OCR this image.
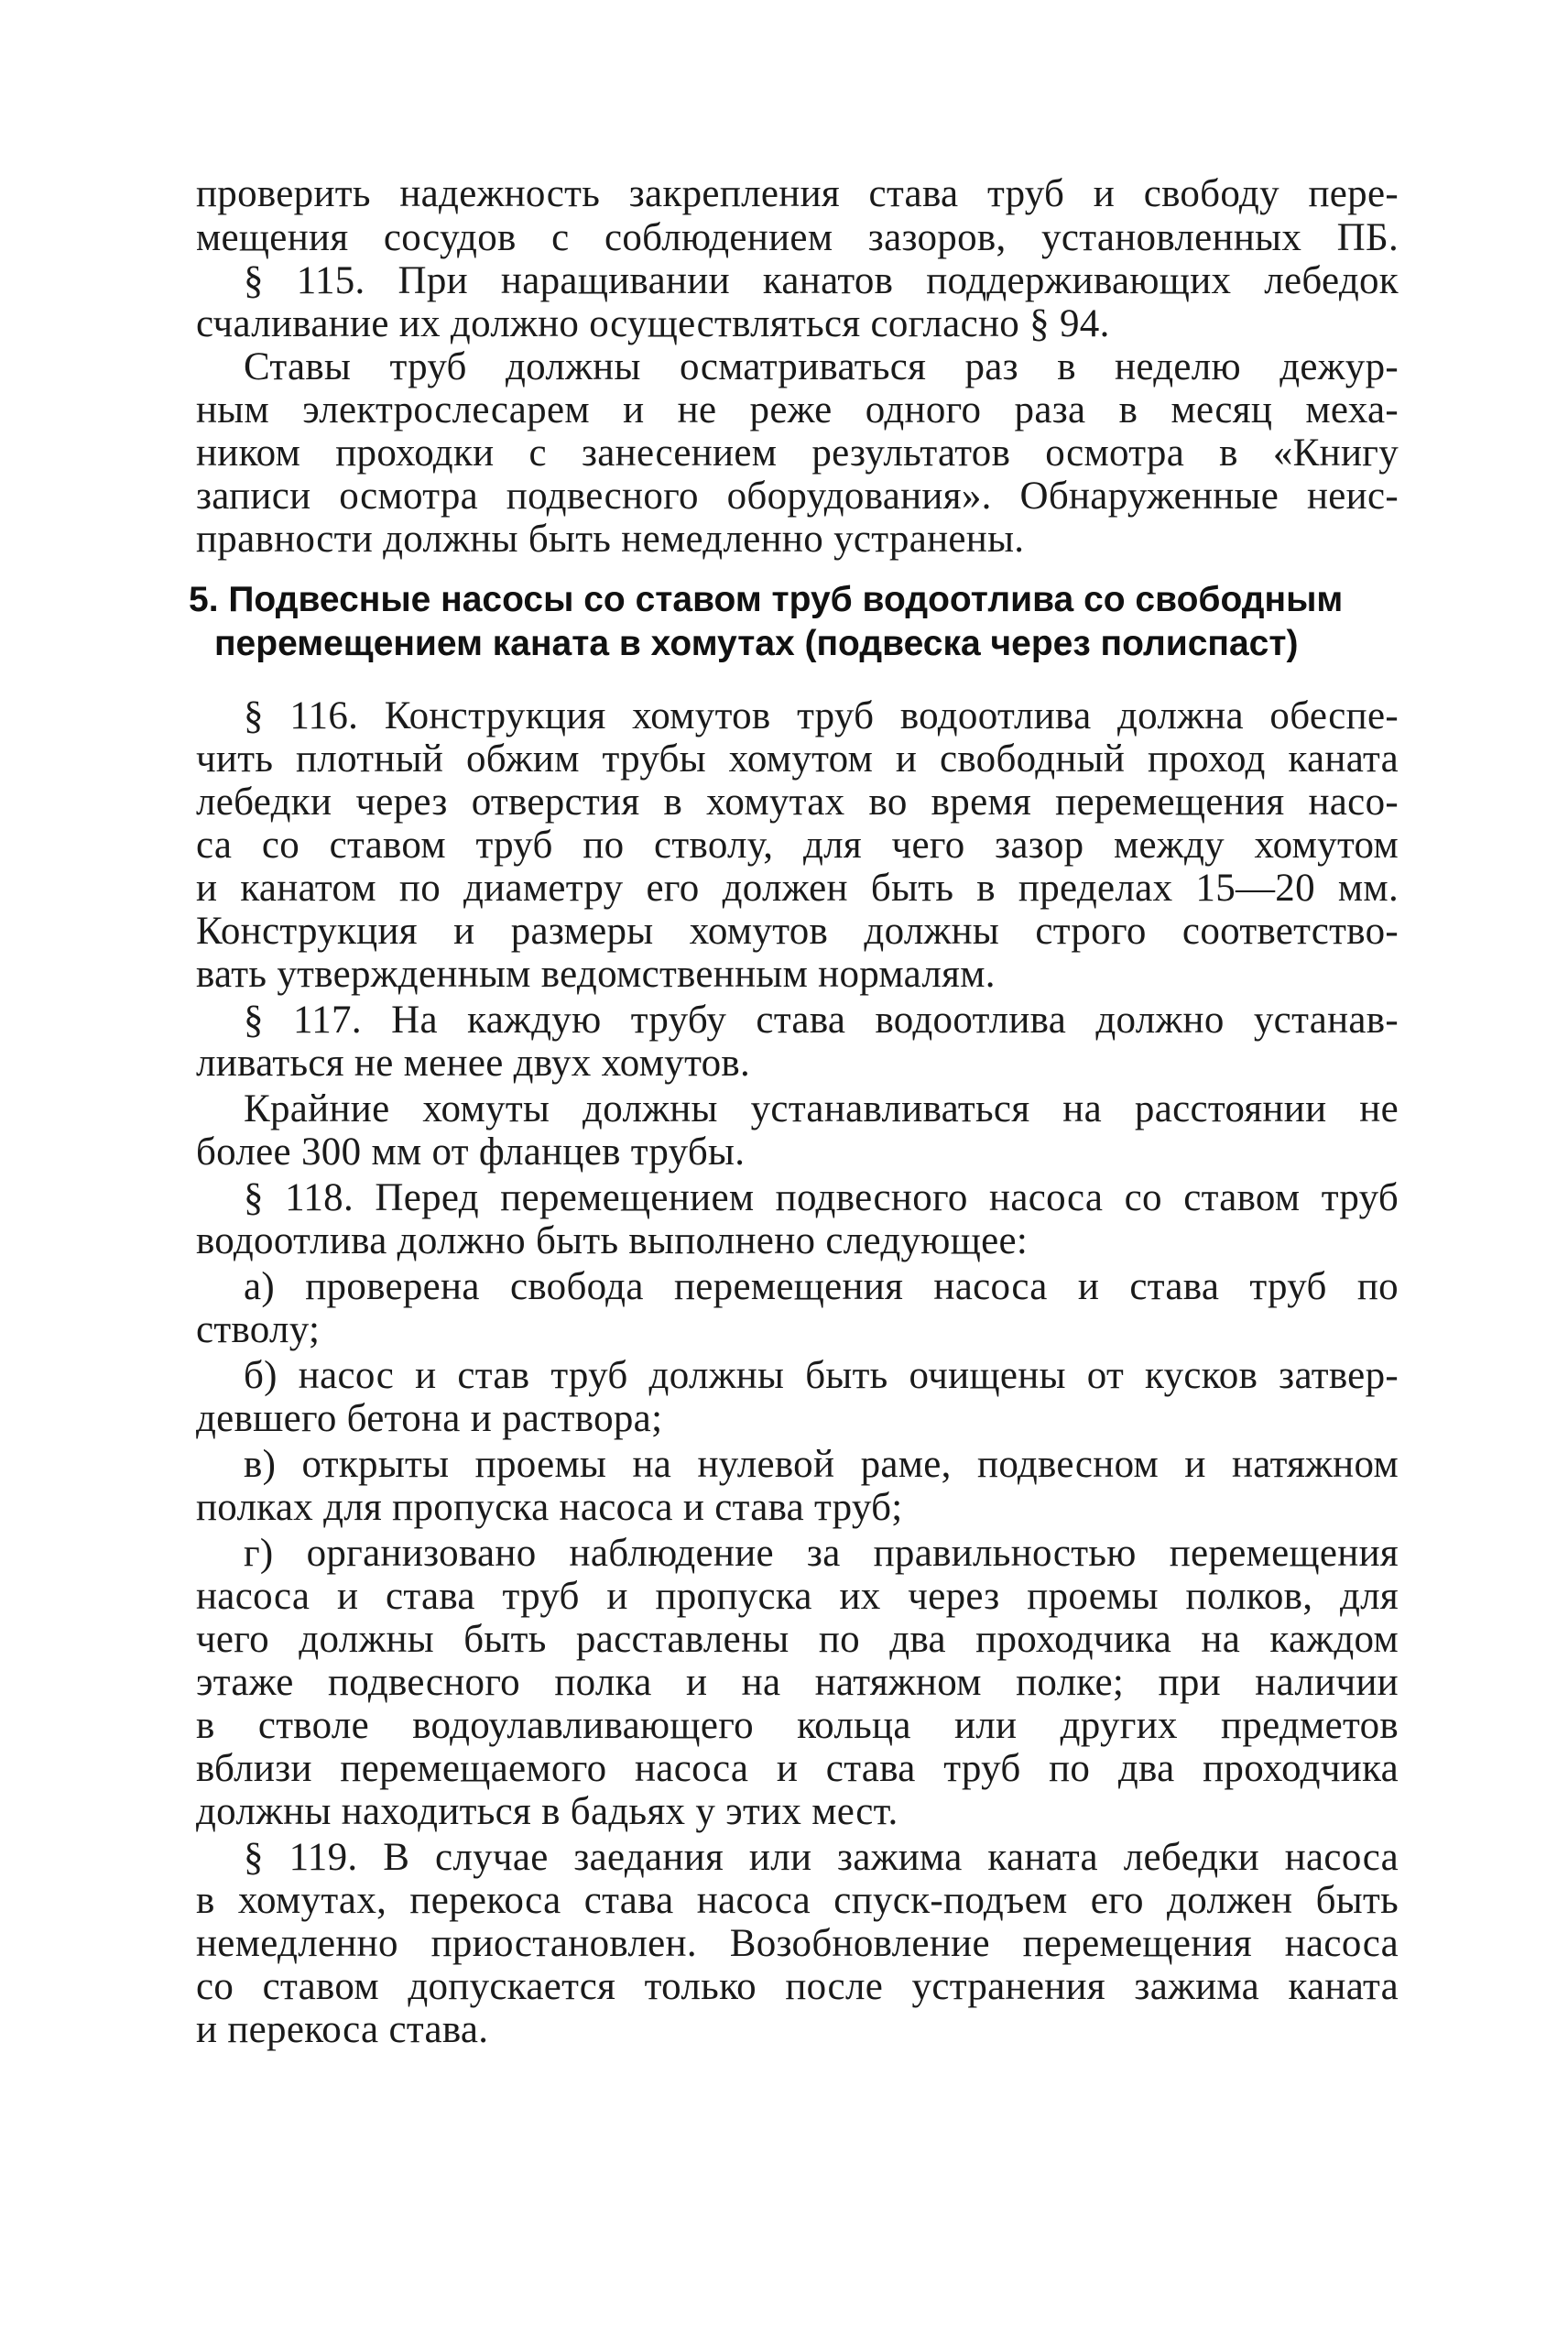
проверить надежность закрепления става труб и свободу пере-
мещения сосудов с соблюдением зазоров, установленных ПБ.
§ 115. При наращивании канатов поддерживающих лебедок
счаливание их должно осуществляться согласно § 94.
Ставы труб должны осматриваться раз в неделю дежур-
ным электрослесарем и не реже одного раза в месяц меха-
ником проходки с занесением результатов осмотра в «Книгу
записи осмотра подвесного оборудования». Обнаруженные неис-
правности должны быть немедленно устранены.
5. Подвесные насосы со ставом труб водоотлива со свободным
перемещением каната в хомутах (подвеска через полиспаст)
§ 116. Конструкция хомутов труб водоотлива должна обеспе-
чить плотный обжим трубы хомутом и свободный проход каната
лебедки через отверстия в хомутах во время перемещения насо-
са со ставом труб по стволу, для чего зазор между хомутом
и канатом по диаметру его должен быть в пределах 15—20 мм.
Конструкция и размеры хомутов должны строго соответство-
вать утвержденным ведомственным нормалям.
§ 117. На каждую трубу става водоотлива должно устанав-
ливаться не менее двух хомутов.
Крайние хомуты должны устанавливаться на расстоянии не
более 300 мм от фланцев трубы.
§ 118. Перед перемещением подвесного насоса со ставом труб
водоотлива должно быть выполнено следующее:
а) проверена свобода перемещения насоса и става труб по
стволу;
б) насос и став труб должны быть очищены от кусков затвер-
девшего бетона и раствора;
в) открыты проемы на нулевой раме, подвесном и натяжном
полках для пропуска насоса и става труб;
г) организовано наблюдение за правильностью перемещения
насоса и става труб и пропуска их через проемы полков, для
чего должны быть расставлены по два проходчика на каждом
этаже подвесного полка и на натяжном полке; при наличии
в стволе водоулавливающего кольца или других предметов
вблизи перемещаемого насоса и става труб по два проходчика
должны находиться в бадьях у этих мест.
§ 119. В случае заедания или зажима каната лебедки насоса
в хомутах, перекоса става насоса спуск-подъем его должен быть
немедленно приостановлен. Возобновление перемещения насоса
со ставом допускается только после устранения зажима каната
и перекоса става.
